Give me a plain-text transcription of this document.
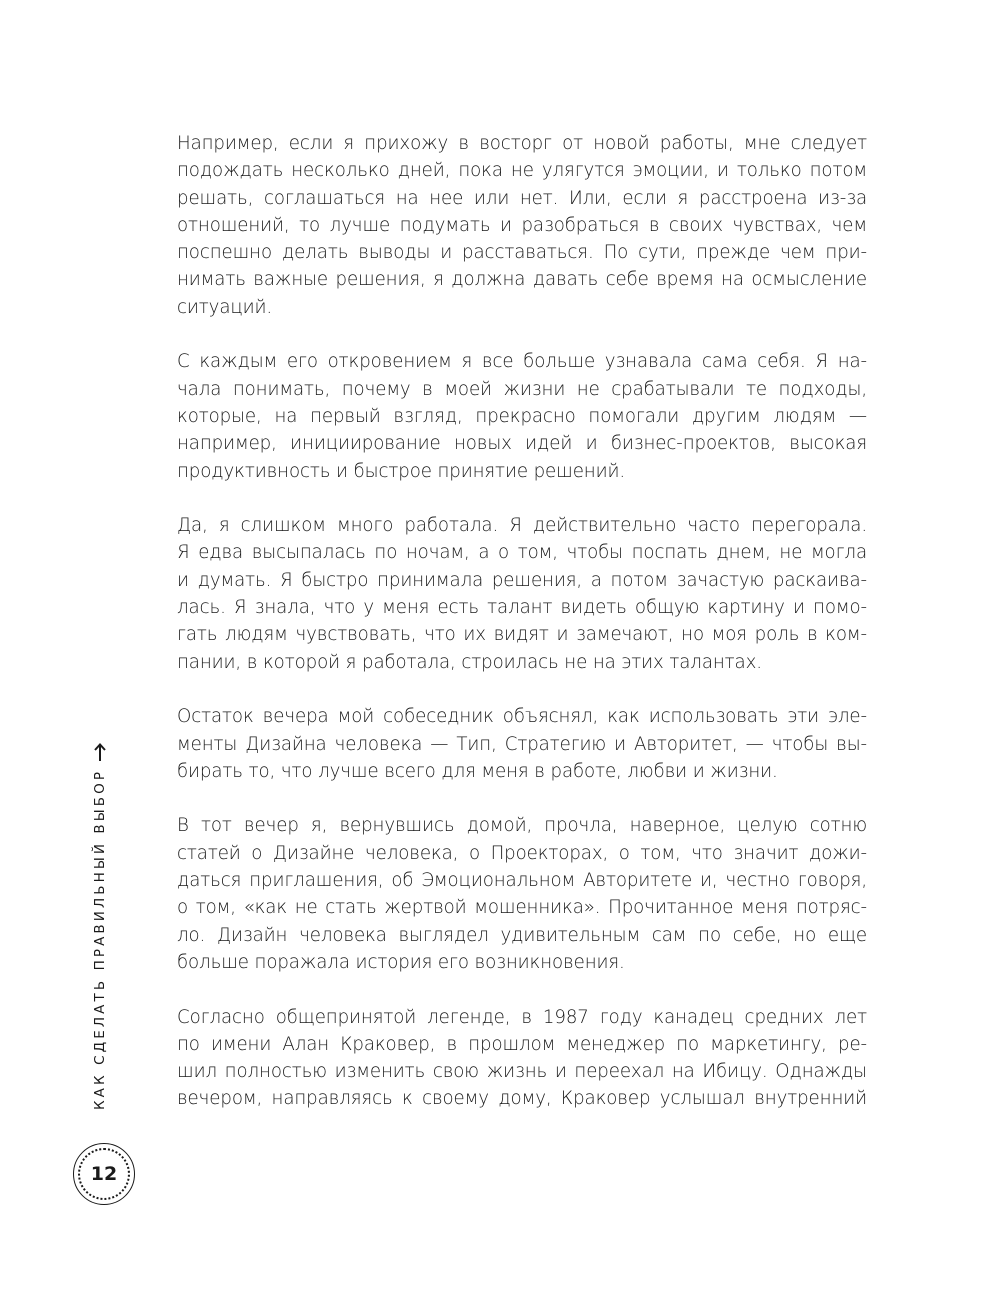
Например, если я прихожу в восторг от новой работы, мне следует
подождать несколько дней, пока не улягутся эмоции, и только потом
решать, соглашаться на нее или нет. Или, если я расстроена из-за
отношений, то лучше подумать и разобраться в своих чувствах, чем
поспешно делать выводы и расставаться. По сути, прежде чем при-
нимать важные решения, я должна давать себе время на осмысление
ситуаций.

С каждым его откровением я все больше узнавала сама себя. Я на-
чала понимать, почему в моей жизни не срабатывали те подходы,
которые, на первый взгляд, прекрасно помогали другим людям —
например, инициирование новых идей и бизнес-проектов, высокая
продуктивность и быстрое принятие решений.

Да, я слишком много работала. Я действительно часто перегорала.
Я едва высыпалась по ночам, а о том, чтобы поспать днем, не могла
и думать. Я быстро принимала решения, а потом зачастую раскаива-
лась. Я знала, что у меня есть талант видеть общую картину и помо-
гать людям чувствовать, что их видят и замечают, но моя роль в ком-
пании, в которой я работала, строилась не на этих талантах.

Остаток вечера мой собеседник объяснял, как использовать эти эле-
менты Дизайна человека — Тип, Стратегию и Авторитет, — чтобы вы-
бирать то, что лучше всего для меня в работе, любви и жизни.

В тот вечер я, вернувшись домой, прочла, наверное, целую сотню
статей о Дизайне человека, о Проекторах, о том, что значит дожи-
даться приглашения, об Эмоциональном Авторитете и, честно говоря,
о том, «как не стать жертвой мошенника». Прочитанное меня потряс-
ло. Дизайн человека выглядел удивительным сам по себе, но еще
больше поражала история его возникновения.

Согласно общепринятой легенде, в 1987 году канадец средних лет
по имени Алан Краковер, в прошлом менеджер по маркетингу, ре-
шил полностью изменить свою жизнь и переехал на Ибицу. Однажды
вечером, направляясь к своему дому, Краковер услышал внутренний

КАК СДЕЛАТЬ ПРАВИЛЬНЫЙ ВЫБОР
12
